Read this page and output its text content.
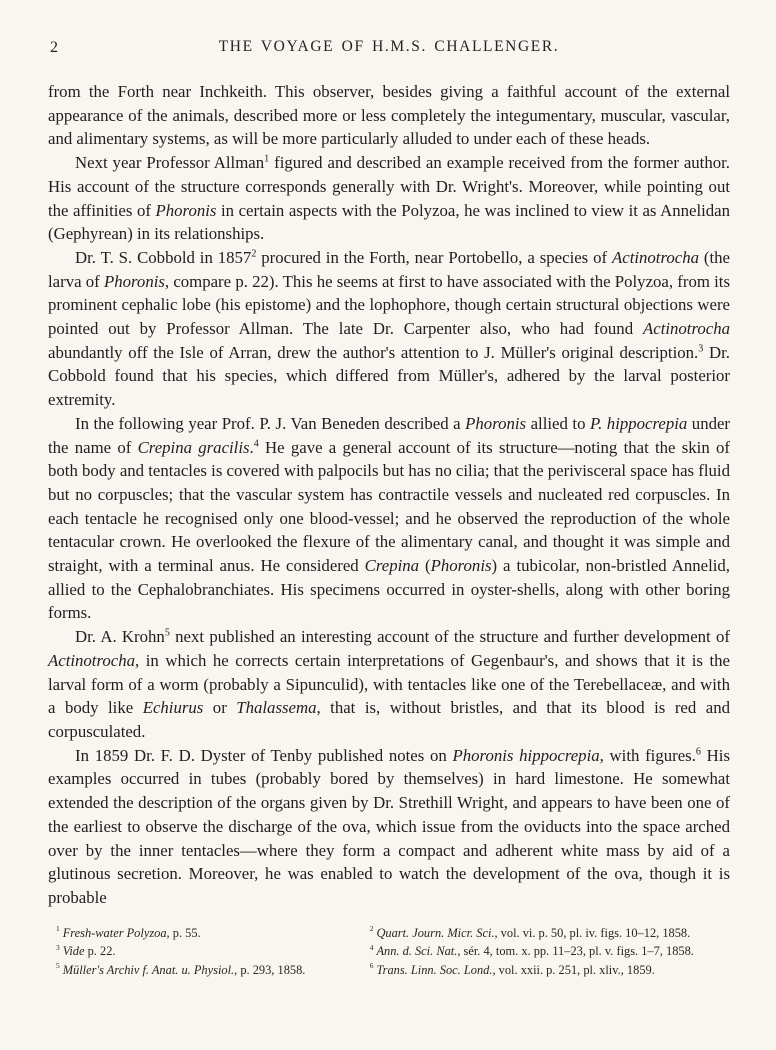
2	THE VOYAGE OF H.M.S. CHALLENGER.

from the Forth near Inchkeith. This observer, besides giving a faithful account of the external appearance of the animals, described more or less completely the integumentary, muscular, vascular, and alimentary systems, as will be more particularly alluded to under each of these heads.

Next year Professor Allman$^1$ figured and described an example received from the former author. His account of the structure corresponds generally with Dr. Wright's. Moreover, while pointing out the affinities of Phoronis in certain aspects with the Polyzoa, he was inclined to view it as Annelidan (Gephyrean) in its relationships.

Dr. T. S. Cobbold in 1857$^2$ procured in the Forth, near Portobello, a species of Actinotrocha (the larva of Phoronis, compare p. 22). This he seems at first to have associated with the Polyzoa, from its prominent cephalic lobe (his epistome) and the lophophore, though certain structural objections were pointed out by Professor Allman. The late Dr. Carpenter also, who had found Actinotrocha abundantly off the Isle of Arran, drew the author's attention to J. Müller's original description.$^3$ Dr. Cobbold found that his species, which differed from Müller's, adhered by the larval posterior extremity.

In the following year Prof. P. J. Van Beneden described a Phoronis allied to P. hippocrepia under the name of Crepina gracilis.$^4$ He gave a general account of its structure—noting that the skin of both body and tentacles is covered with palpocils but has no cilia; that the perivisceral space has fluid but no corpuscles; that the vascular system has contractile vessels and nucleated red corpuscles. In each tentacle he recognised only one blood-vessel; and he observed the reproduction of the whole tentacular crown. He overlooked the flexure of the alimentary canal, and thought it was simple and straight, with a terminal anus. He considered Crepina (Phoronis) a tubicolar, non-bristled Annelid, allied to the Cephalobranchiates. His specimens occurred in oyster-shells, along with other boring forms.

Dr. A. Krohn$^5$ next published an interesting account of the structure and further development of Actinotrocha, in which he corrects certain interpretations of Gegenbaur's, and shows that it is the larval form of a worm (probably a Sipunculid), with tentacles like one of the Terebellaceæ, and with a body like Echiurus or Thalassema, that is, without bristles, and that its blood is red and corpusculated.

In 1859 Dr. F. D. Dyster of Tenby published notes on Phoronis hippocrepia, with figures.$^6$ His examples occurred in tubes (probably bored by themselves) in hard limestone. He somewhat extended the description of the organs given by Dr. Strethill Wright, and appears to have been one of the earliest to observe the discharge of the ova, which issue from the oviducts into the space arched over by the inner tentacles—where they form a compact and adherent white mass by aid of a glutinous secretion. Moreover, he was enabled to watch the development of the ova, though it is probable

$^1$ Fresh-water Polyzoa, p. 55.	$^2$ Quart. Journ. Micr. Sci., vol. vi. p. 50, pl. iv. figs. 10–12, 1858.
$^3$ Vide p. 22.	$^4$ Ann. d. Sci. Nat., sér. 4, tom. x. pp. 11–23, pl. v. figs. 1–7, 1858.
$^5$ Müller's Archiv f. Anat. u. Physiol., p. 293, 1858.	$^6$ Trans. Linn. Soc. Lond., vol. xxii. p. 251, pl. xliv., 1859.
